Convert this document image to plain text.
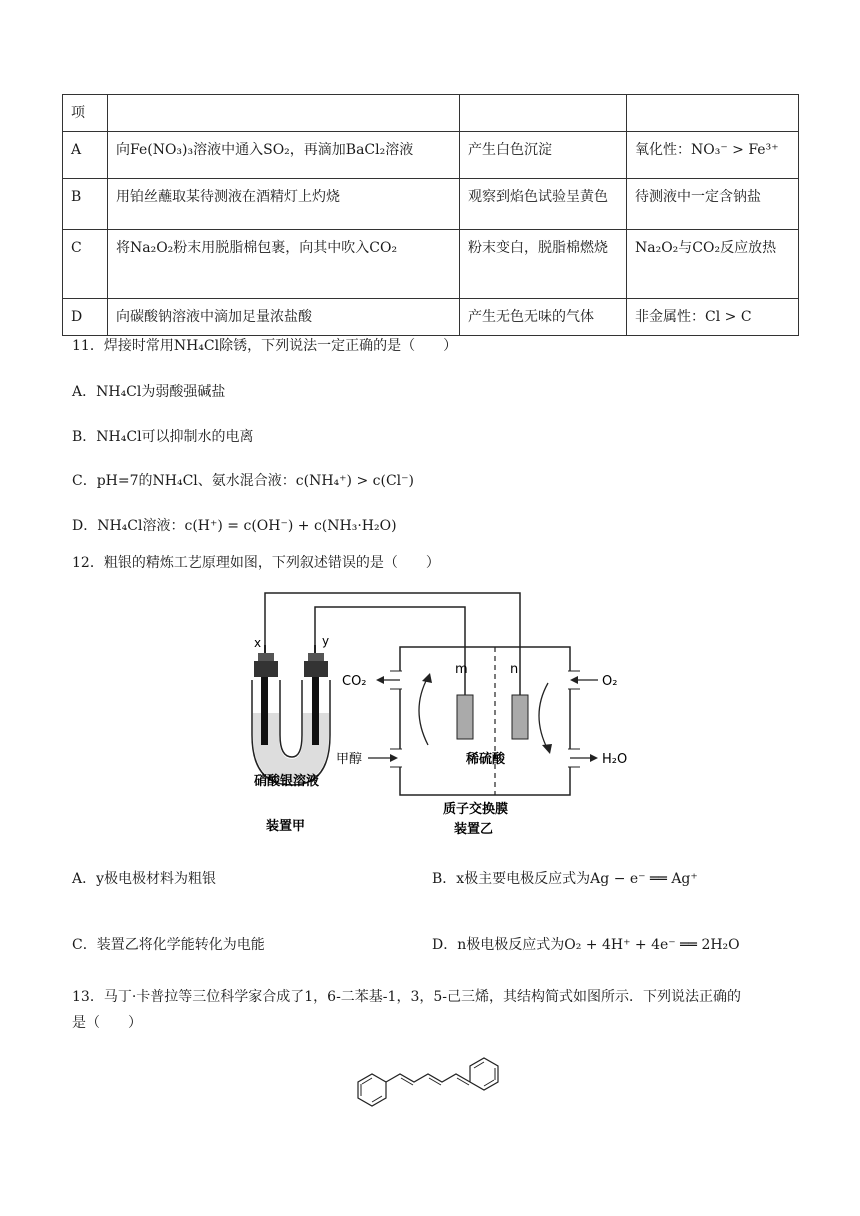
项			
A	向Fe(NO₃)₃溶液中通入SO₂，再滴加BaCl₂溶液	产生白色沉淀	氧化性：NO₃⁻ > Fe³⁺
B	用铂丝蘸取某待测液在酒精灯上灼烧	观察到焰色试验呈黄色	待测液中一定含钠盐
C	将Na₂O₂粉末用脱脂棉包裹，向其中吹入CO₂	粉末变白，脱脂棉燃烧	Na₂O₂与CO₂反应放热
D	向碳酸钠溶液中滴加足量浓盐酸	产生无色无味的气体	非金属性：Cl > C
11．焊接时常用NH₄Cl除锈，下列说法一定正确的是（　　）
A．NH₄Cl为弱酸强碱盐
B．NH₄Cl可以抑制水的电离
C．pH=7的NH₄Cl、氨水混合液：c(NH₄⁺) > c(Cl⁻)
D．NH₄Cl溶液：c(H⁺) = c(OH⁻) + c(NH₃·H₂O)
12．粗银的精炼工艺原理如图，下列叙述错误的是（　　）
x	y
硝酸银溶液
CO₂	O₂
甲醇	H₂O
m	n
稀硫酸
质子交换膜
装置甲	装置乙
A．y极电极材料为粗银	B．x极主要电极反应式为Ag − e⁻ ══ Ag⁺
C．装置乙将化学能转化为电能	D．n极电极反应式为O₂ + 4H⁺ + 4e⁻ ══ 2H₂O
13．马丁·卡普拉等三位科学家合成了1，6-二苯基-1，3，5-己三烯，其结构简式如图所示．下列说法正确的
是（　　）
